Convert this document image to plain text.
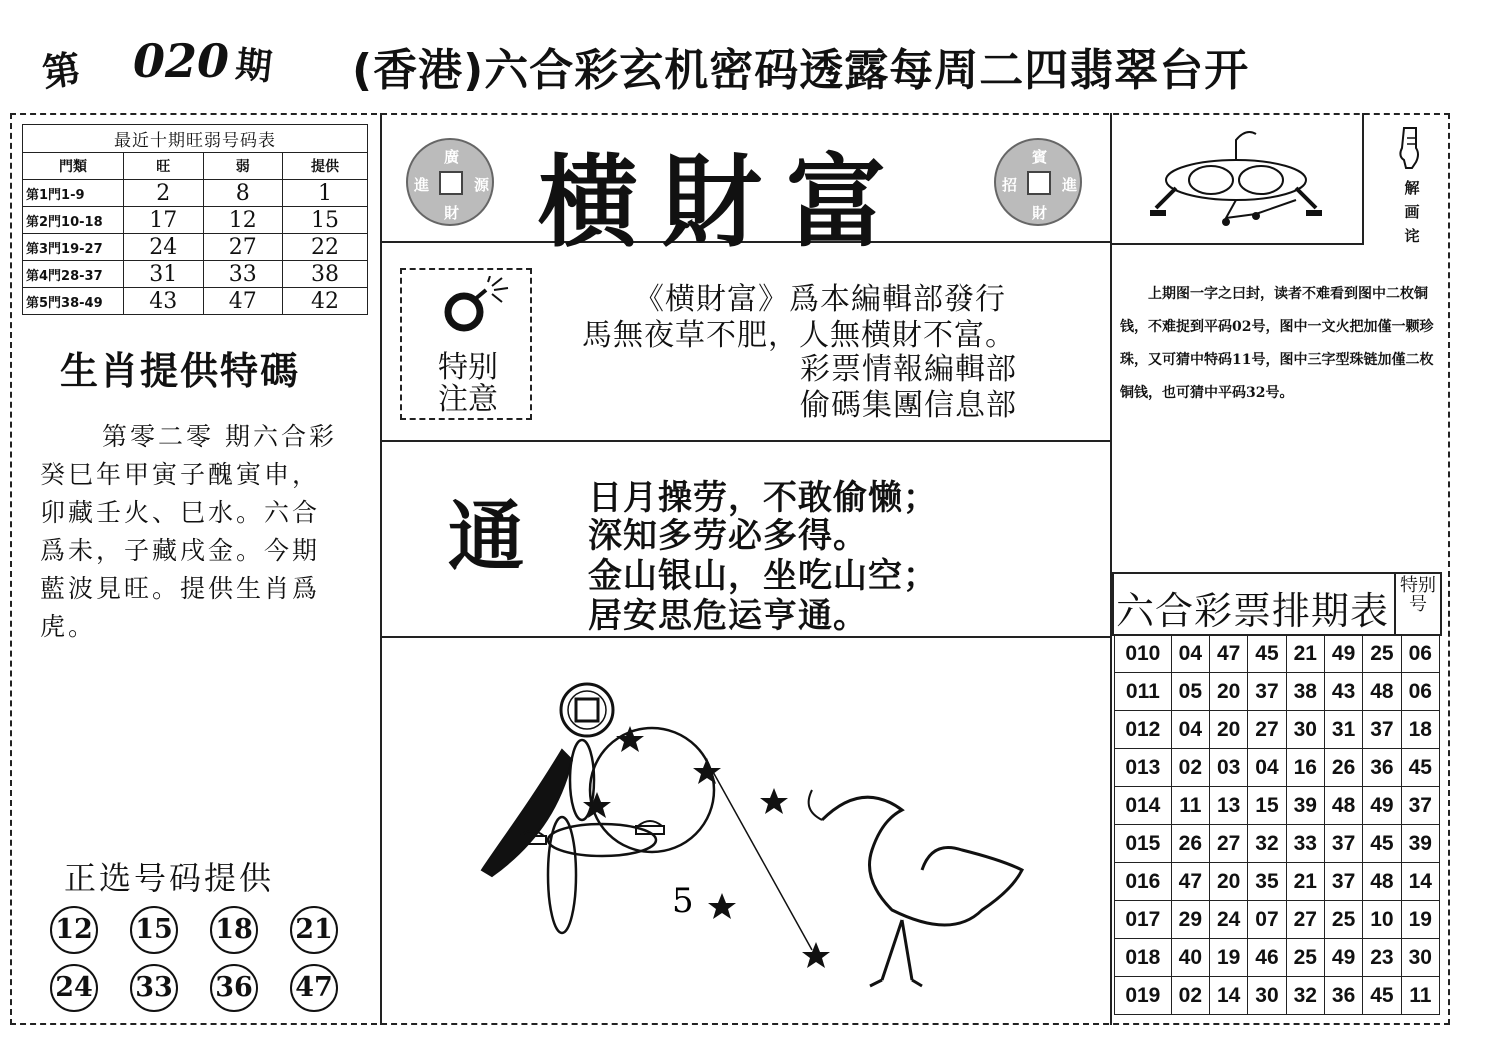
第 020 期 (香港)六合彩玄机密码透露每周二四翡翠台开
最近十期旺弱号码表			
門類	旺	弱	提供
第1門1-9	2	8	1
第2門10-18	17	12	15
第3門19-27	24	27	22
第4門28-37	31	33	38
第5門38-49	43	47	42
生肖提供特碼
第零二零 期六合彩癸巳年甲寅子醜寅申，卯藏壬火、巳水。六合爲未，子藏戌金。今期藍波見旺。提供生肖爲虎。
正选号码提供
12 15 18 21
24 33 36 47
廣
進	源
財 横財富	賓
招	進
財
特别
注意
《横財富》爲本編輯部發行
馬無夜草不肥，人無横財不富。
彩票情報編輯部
偷碼集團信息部
通 日月操劳，不敢偷懒；
深知多劳必多得。
金山银山，坐吃山空；
居安思危运亨通。
5
解画诧
上期图一字之曰封，读者不难看到图中二枚铜钱，不难捉到平码02号，图中一文火把加僅一颗珍珠，又可猜中特码11号，图中三字型珠链加僅二枚铜钱，也可猜中平码32号。
六合彩票排期表
特别号
010	04	47	45	21	49	25	06
011	05	20	37	38	43	48	06
012	04	20	27	30	31	37	18
013	02	03	04	16	26	36	45
014	11	13	15	39	48	49	37
015	26	27	32	33	37	45	39
016	47	20	35	21	37	48	14
017	29	24	07	27	25	10	19
018	40	19	46	25	49	23	30
019	02	14	30	32	36	45	11
